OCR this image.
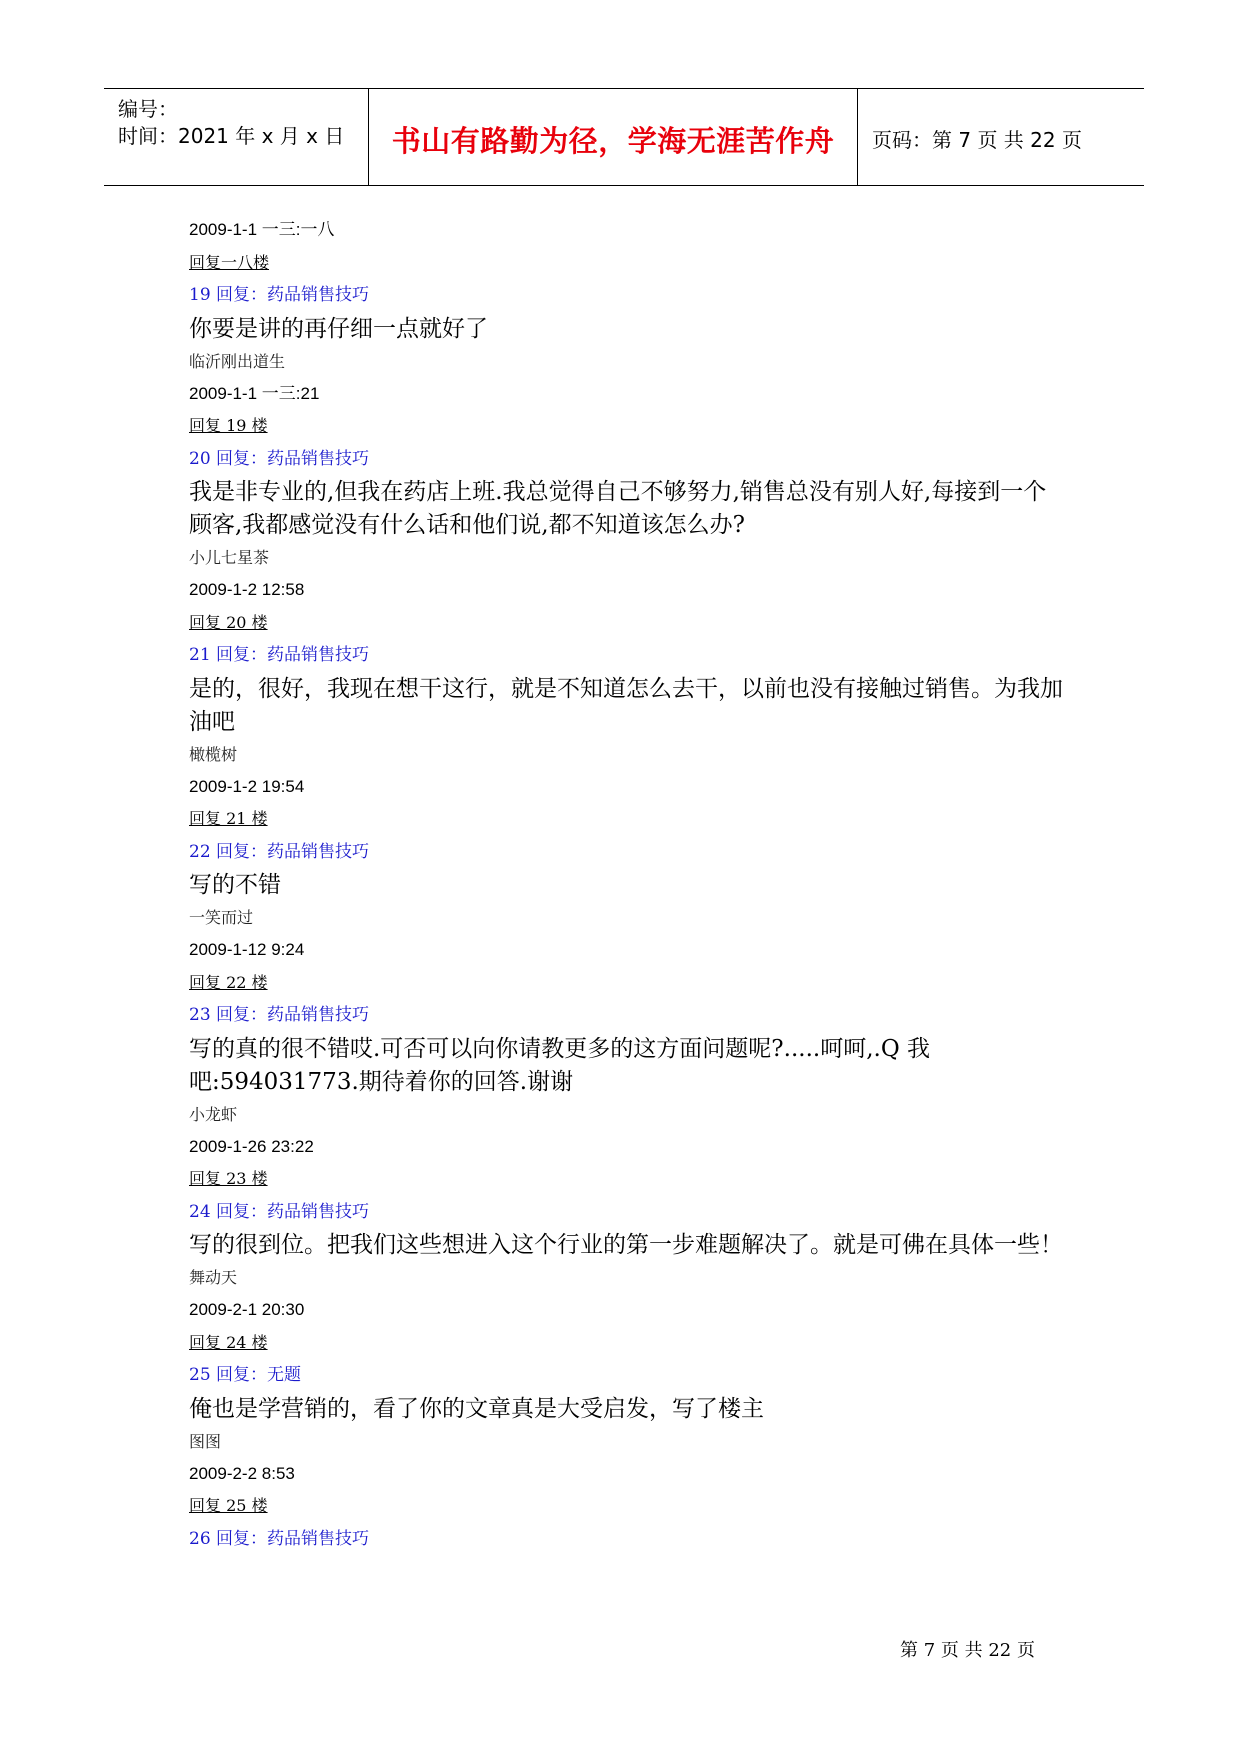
编号：
时间：2021 年 x 月 x 日	书山有路勤为径，学海无涯苦作舟	页码：第 7 页 共 22 页
2009-1-1 一三:一八
回复一八楼
19 回复：药品销售技巧
你要是讲的再仔细一点就好了
临沂刚出道生
2009-1-1 一三:21
回复 19 楼
20 回复：药品销售技巧
我是非专业的,但我在药店上班.我总觉得自己不够努力,销售总没有别人好,每接到一个顾客,我都感觉没有什么话和他们说,都不知道该怎么办?
小儿七星茶
2009-1-2 12:58
回复 20 楼
21 回复：药品销售技巧
是的，很好，我现在想干这行，就是不知道怎么去干，以前也没有接触过销售。为我加油吧
橄榄树
2009-1-2 19:54
回复 21 楼
22 回复：药品销售技巧
写的不错
一笑而过
2009-1-12 9:24
回复 22 楼
23 回复：药品销售技巧
写的真的很不错哎.可否可以向你请教更多的这方面问题呢?.....呵呵,.Q 我吧:594031773.期待着你的回答.谢谢
小龙虾
2009-1-26 23:22
回复 23 楼
24 回复：药品销售技巧
写的很到位。把我们这些想进入这个行业的第一步难题解决了。就是可佛在具体一些！
舞动天
2009-2-1 20:30
回复 24 楼
25 回复：无题
俺也是学营销的，看了你的文章真是大受启发，写了楼主
图图
2009-2-2 8:53
回复 25 楼
26 回复：药品销售技巧
第 7 页 共 22 页
